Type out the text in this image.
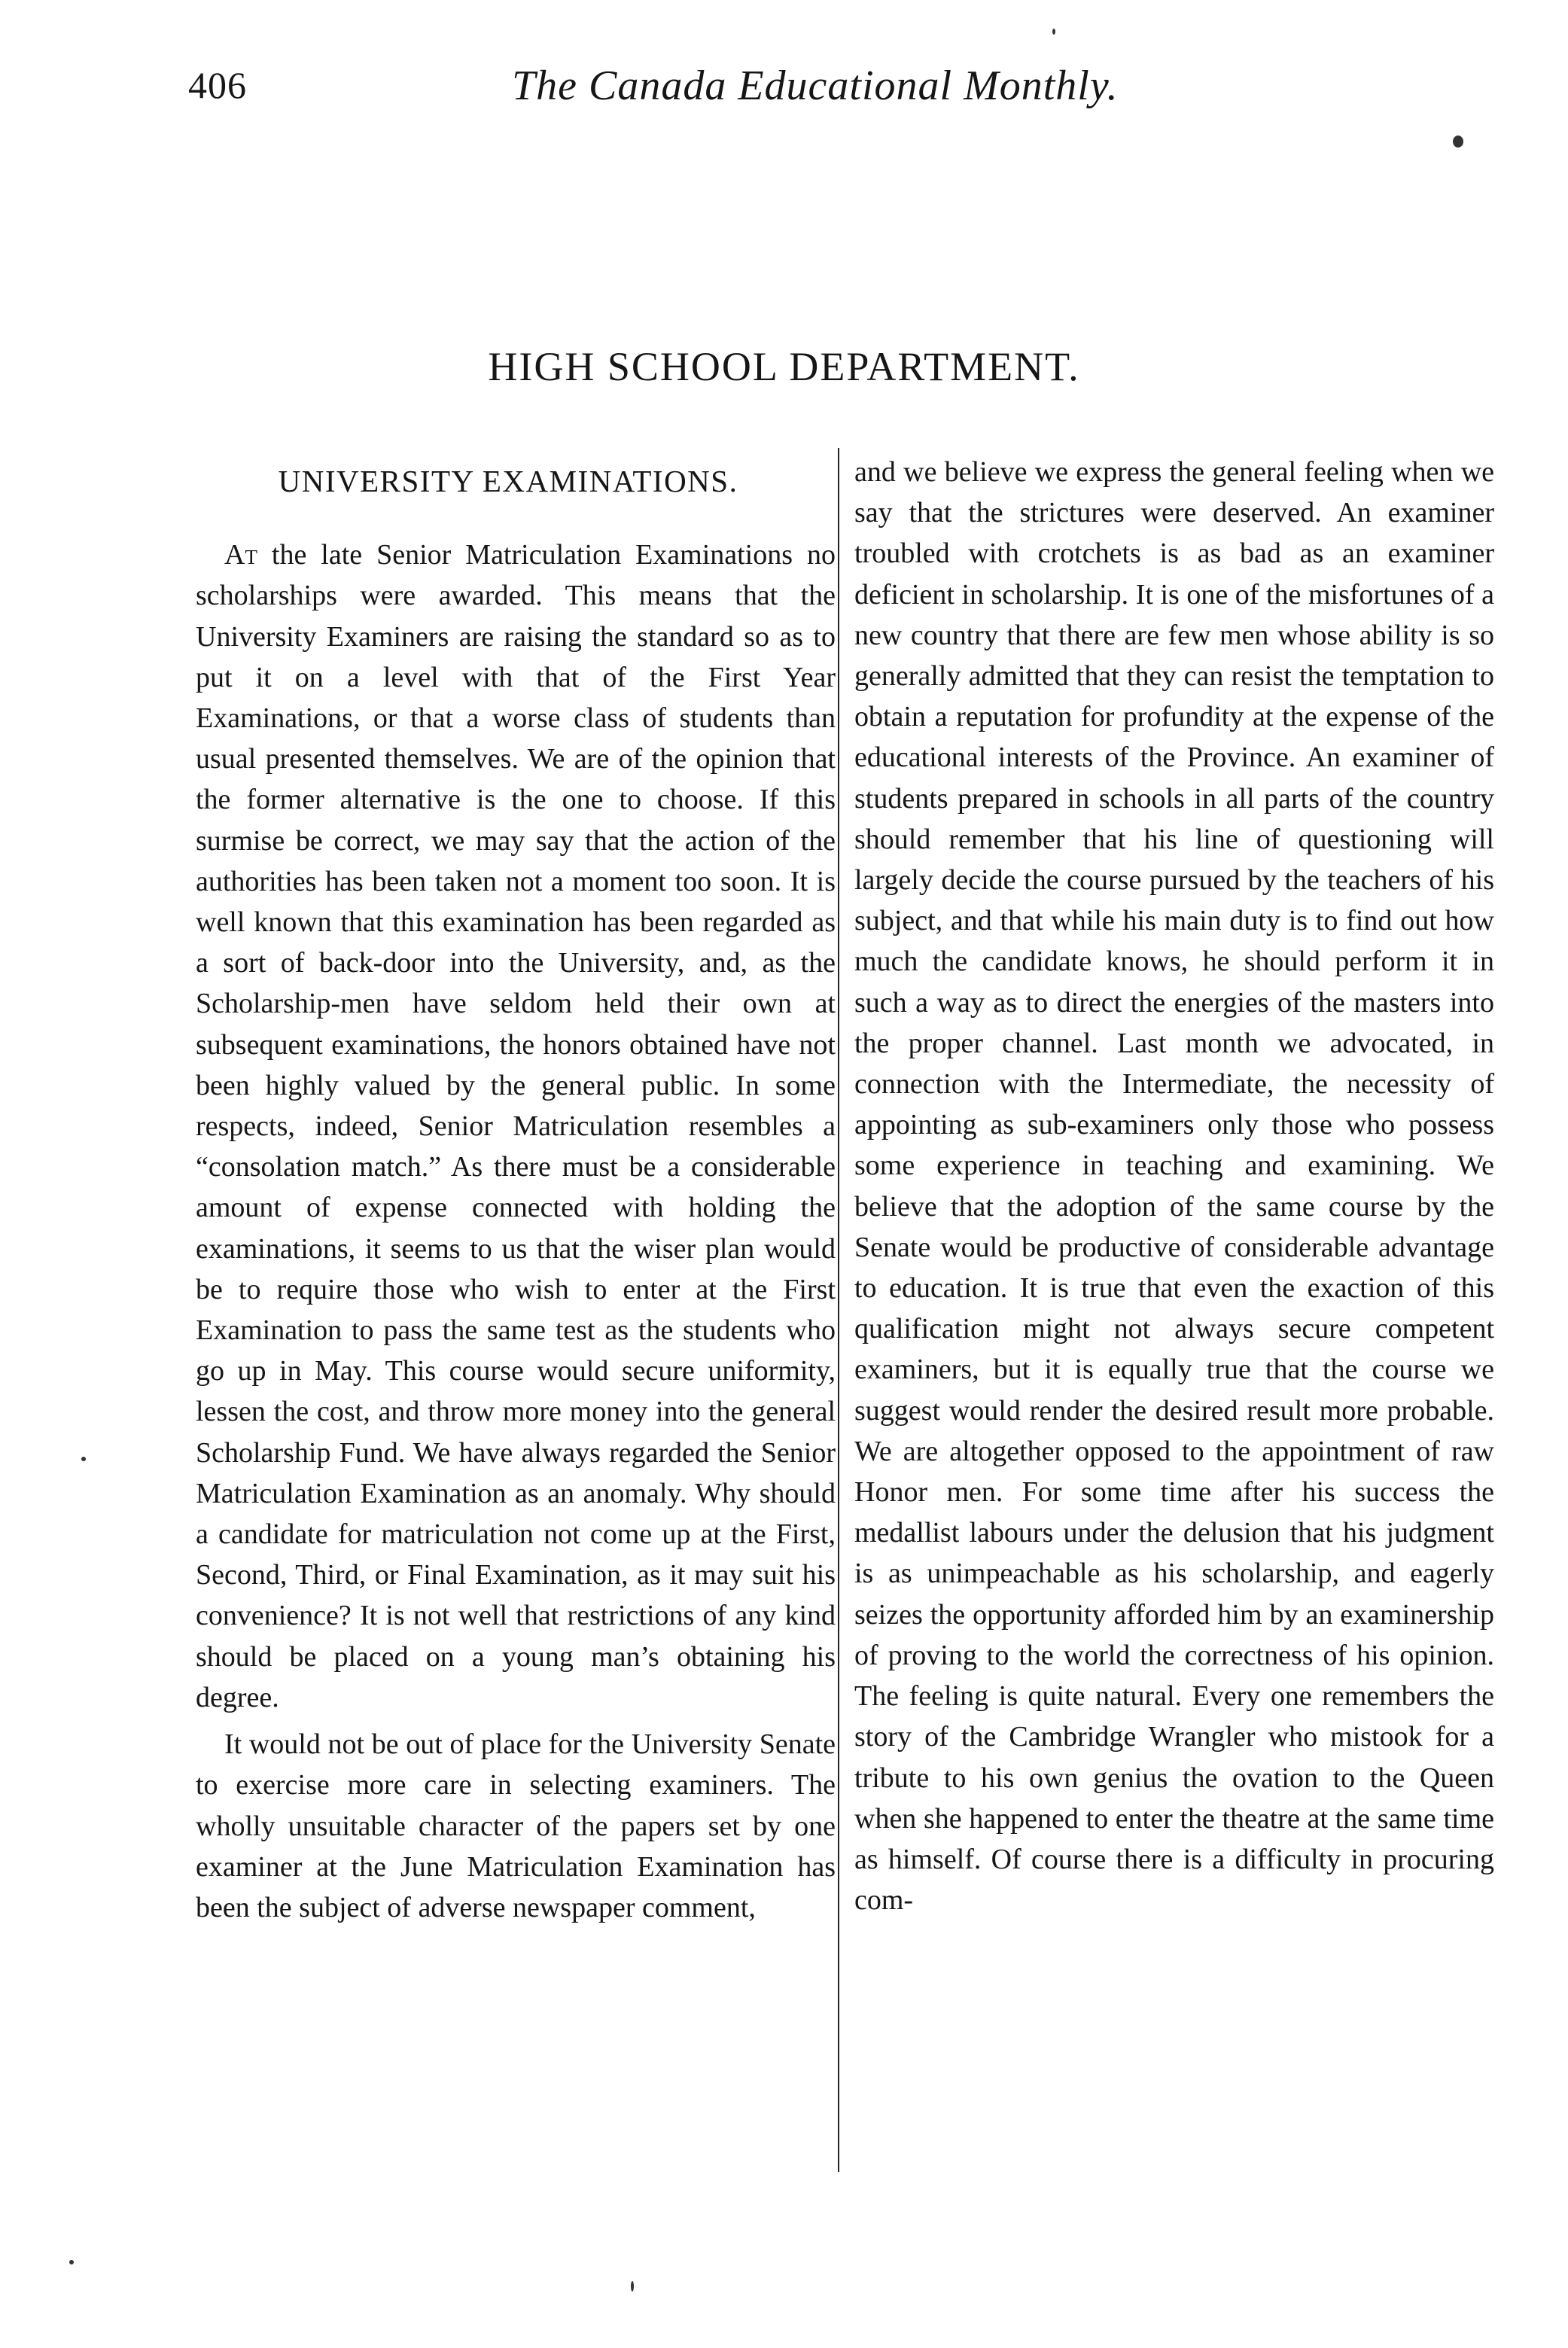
406	The Canada Educational Monthly.
HIGH SCHOOL DEPARTMENT.
UNIVERSITY EXAMINATIONS.

At the late Senior Matriculation Examinations no scholarships were awarded. This means that the University Examiners are raising the standard so as to put it on a level with that of the First Year Examinations, or that a worse class of students than usual presented themselves. We are of the opinion that the former alternative is the one to choose. If this surmise be correct, we may say that the action of the authorities has been taken not a moment too soon. It is well known that this examination has been regarded as a sort of back-door into the University, and, as the Scholarship-men have seldom held their own at subsequent examinations, the honors obtained have not been highly valued by the general public. In some respects, indeed, Senior Matriculation resembles a “consolation match.” As there must be a considerable amount of expense connected with holding the examinations, it seems to us that the wiser plan would be to require those who wish to enter at the First Examination to pass the same test as the students who go up in May. This course would secure uniformity, lessen the cost, and throw more money into the general Scholarship Fund. We have always regarded the Senior Matriculation Examination as an anomaly. Why should a candidate for matriculation not come up at the First, Second, Third, or Final Examination, as it may suit his convenience? It is not well that restrictions of any kind should be placed on a young man’s obtaining his degree.

It would not be out of place for the University Senate to exercise more care in selecting examiners. The wholly unsuitable character of the papers set by one examiner at the June Matriculation Examination has been the subject of adverse newspaper comment,

and we believe we express the general feeling when we say that the strictures were deserved. An examiner troubled with crotchets is as bad as an examiner deficient in scholarship. It is one of the misfortunes of a new country that there are few men whose ability is so generally admitted that they can resist the temptation to obtain a reputation for profundity at the expense of the educational interests of the Province. An examiner of students prepared in schools in all parts of the country should remember that his line of questioning will largely decide the course pursued by the teachers of his subject, and that while his main duty is to find out how much the candidate knows, he should perform it in such a way as to direct the energies of the masters into the proper channel. Last month we advocated, in connection with the Intermediate, the necessity of appointing as sub-examiners only those who possess some experience in teaching and examining. We believe that the adoption of the same course by the Senate would be productive of considerable advantage to education. It is true that even the exaction of this qualification might not always secure competent examiners, but it is equally true that the course we suggest would render the desired result more probable. We are altogether opposed to the appointment of raw Honor men. For some time after his success the medallist labours under the delusion that his judgment is as unimpeachable as his scholarship, and eagerly seizes the opportunity afforded him by an examinership of proving to the world the correctness of his opinion. The feeling is quite natural. Every one remembers the story of the Cambridge Wrangler who mistook for a tribute to his own genius the ovation to the Queen when she happened to enter the theatre at the same time as himself. Of course there is a difficulty in procuring com-
